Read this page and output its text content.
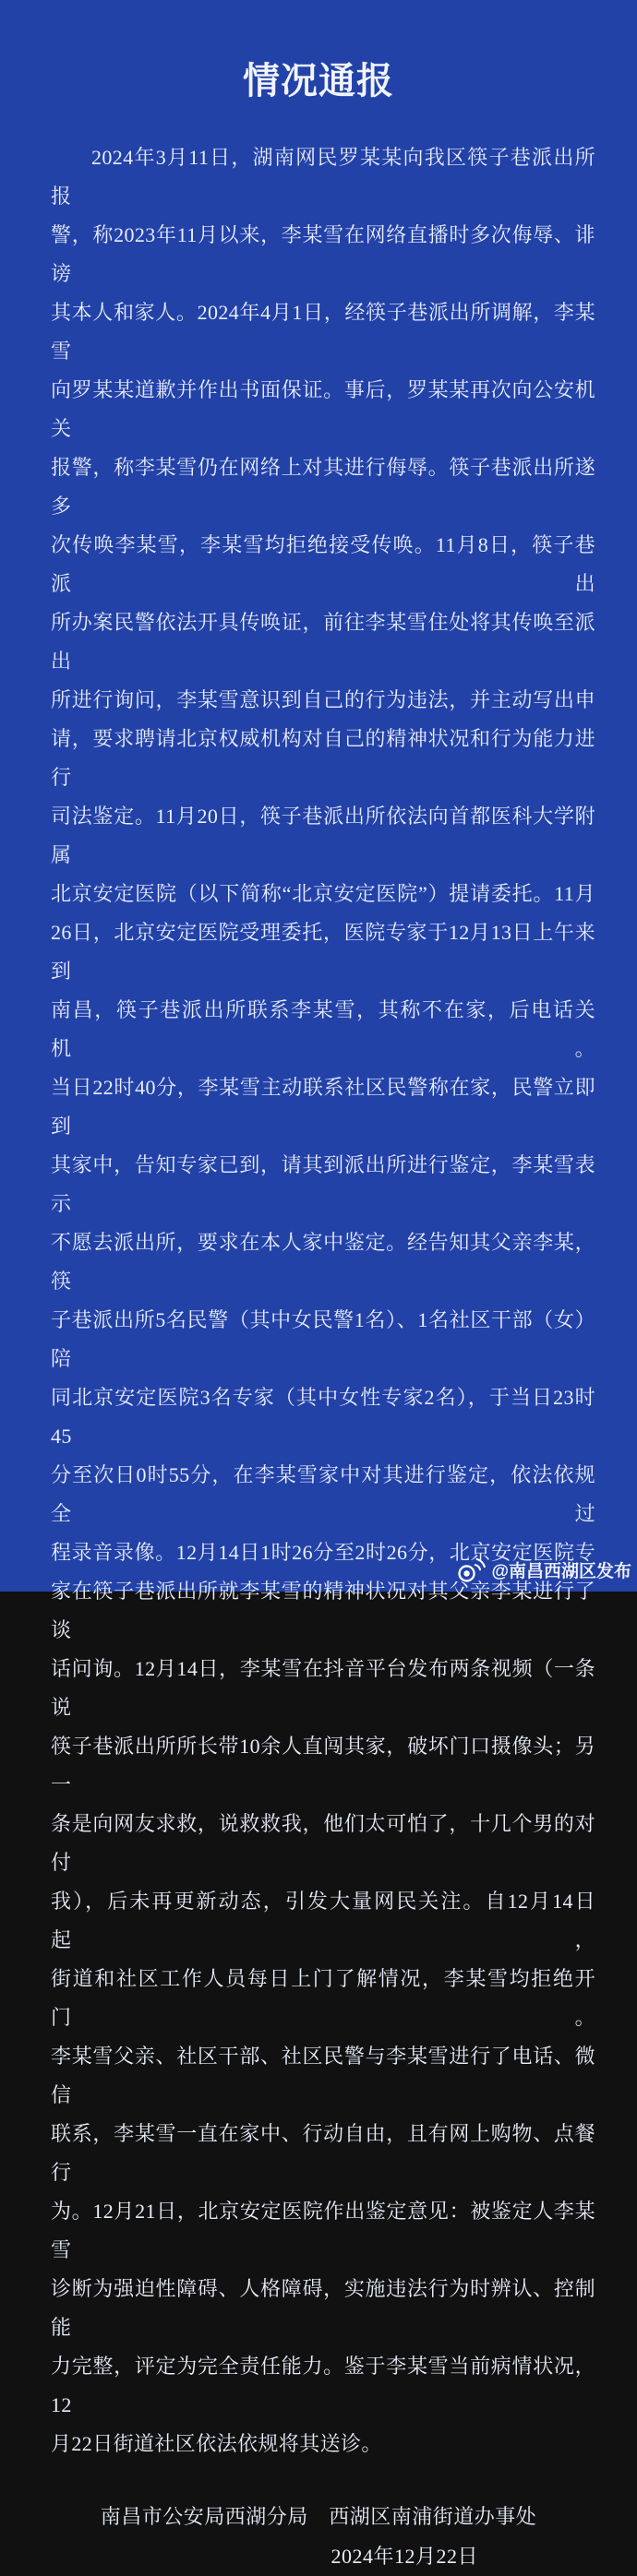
情况通报
2024年3月11日，湖南网民罗某某向我区筷子巷派出所报
警，称2023年11月以来，李某雪在网络直播时多次侮辱、诽谤
其本人和家人。2024年4月1日，经筷子巷派出所调解，李某雪
向罗某某道歉并作出书面保证。事后，罗某某再次向公安机关
报警，称李某雪仍在网络上对其进行侮辱。筷子巷派出所遂多
次传唤李某雪，李某雪均拒绝接受传唤。11月8日，筷子巷派出
所办案民警依法开具传唤证，前往李某雪住处将其传唤至派出
所进行询问，李某雪意识到自己的行为违法，并主动写出申
请，要求聘请北京权威机构对自己的精神状况和行为能力进行
司法鉴定。11月20日，筷子巷派出所依法向首都医科大学附属
北京安定医院（以下简称“北京安定医院”）提请委托。11月
26日，北京安定医院受理委托，医院专家于12月13日上午来到
南昌，筷子巷派出所联系李某雪，其称不在家，后电话关机。
当日22时40分，李某雪主动联系社区民警称在家，民警立即到
其家中，告知专家已到，请其到派出所进行鉴定，李某雪表示
不愿去派出所，要求在本人家中鉴定。经告知其父亲李某，筷
子巷派出所5名民警（其中女民警1名）、1名社区干部（女）陪
同北京安定医院3名专家（其中女性专家2名），于当日23时45
分至次日0时55分，在李某雪家中对其进行鉴定，依法依规全过
程录音录像。12月14日1时26分至2时26分，北京安定医院专
家在筷子巷派出所就李某雪的精神状况对其父亲李某进行了谈
话问询。12月14日，李某雪在抖音平台发布两条视频（一条说
筷子巷派出所所长带10余人直闯其家，破坏门口摄像头；另一
条是向网友求救，说救救我，他们太可怕了，十几个男的对付
我），后未再更新动态，引发大量网民关注。自12月14日起，
街道和社区工作人员每日上门了解情况，李某雪均拒绝开门。
李某雪父亲、社区干部、社区民警与李某雪进行了电话、微信
联系，李某雪一直在家中、行动自由，且有网上购物、点餐行
为。12月21日，北京安定医院作出鉴定意见：被鉴定人李某雪
诊断为强迫性障碍、人格障碍，实施违法行为时辨认、控制能
力完整，评定为完全责任能力。鉴于李某雪当前病情状况，12
月22日街道社区依法依规将其送诊。
南昌市公安局西湖分局　西湖区南浦街道办事处
2024年12月22日
@南昌西湖区发布
